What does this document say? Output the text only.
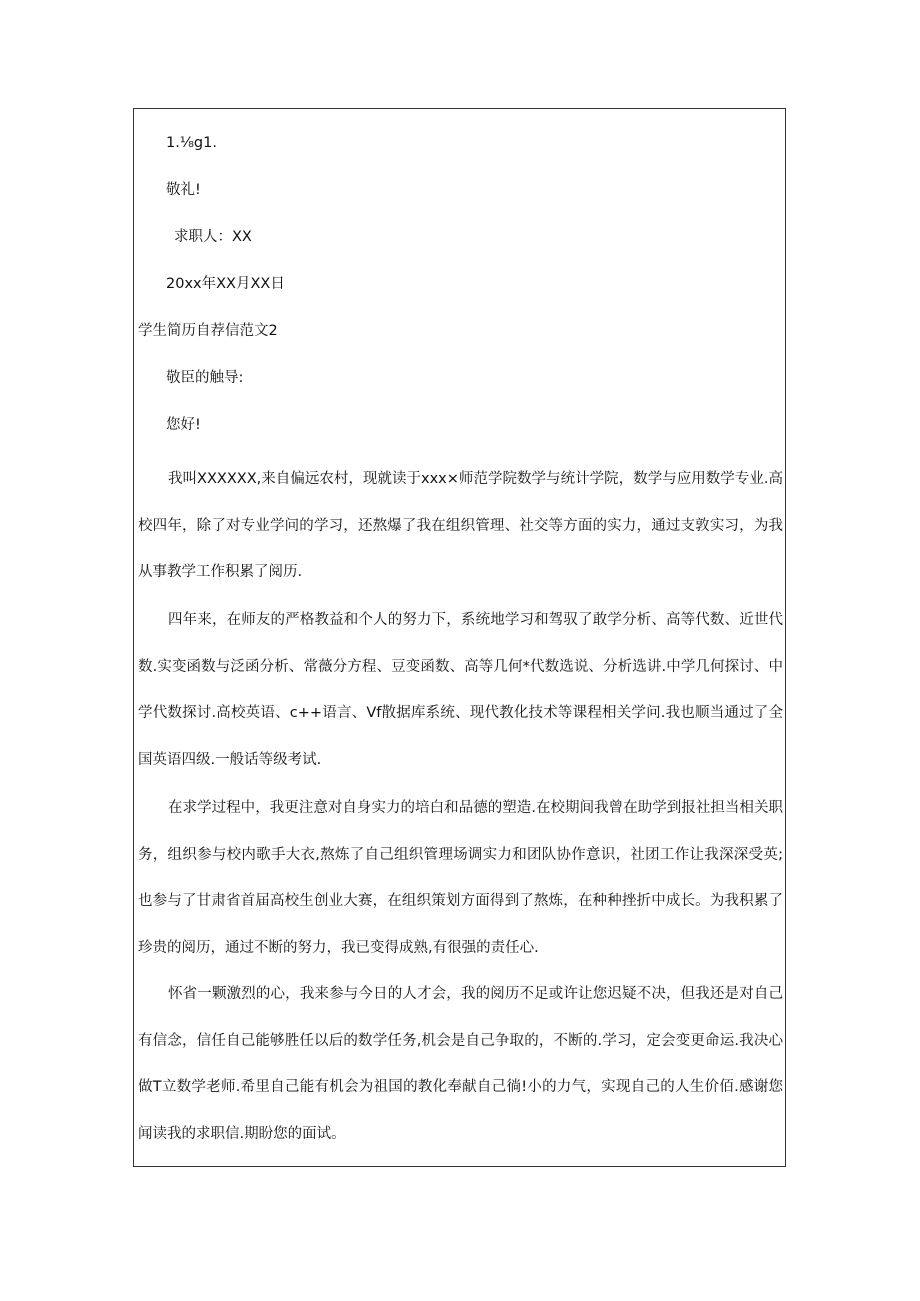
1.⅛g1.
敬礼!
求职人：XX
20xx年XX月XX日
学生简历自荐信范文2
敬臣的触导:
您好!

我叫XXXXXX,来自偏远农村，现就读于xxx×师范学院数学与统计学院，数学与应用数学专业.高校四年，除了对专业学问的学习，还熬爆了我在组织管理、社交等方面的实力，通过支敦实习，为我从事教学工作积累了阅历.

四年来，在师友的严格教益和个人的努力下，系统地学习和驾驭了敢学分析、高等代数、近世代数.实变函数与泛函分析、常薇分方程、豆变函数、高等几何*代数选说、分析选讲.中学几何探讨、中学代数探讨.高校英语、c++语言、Vf散据库系统、现代教化技术等课程相关学问.我也顺当通过了全国英语四级.一般话等级考试.

在求学过程中，我更注意对自身实力的培白和品德的塑造.在校期间我曾在助学到报社担当相关职务，组织参与校内歌手大衣,熬炼了自己组织管理场调实力和团队协作意识，社团工作让我深深受英;也参与了甘肃省首届高校生创业大赛，在组织策划方面得到了熬炼，在种种挫折中成长。为我积累了珍贵的阅历，通过不断的努力，我已变得成熟,有很强的责任心.

怀省一颗激烈的心，我来参与今日的人才会，我的阅历不足或许让您迟疑不决，但我还是对自己有信念，信任自己能够胜任以后的数学任务,机会是自己争取的，不断的.学习，定会变更命运.我决心做T立数学老师.希里自己能有机会为祖国的教化奉献自己徜!小的力气，实现自己的人生价佰.感谢您闻读我的求职信.期盼您的面试。
